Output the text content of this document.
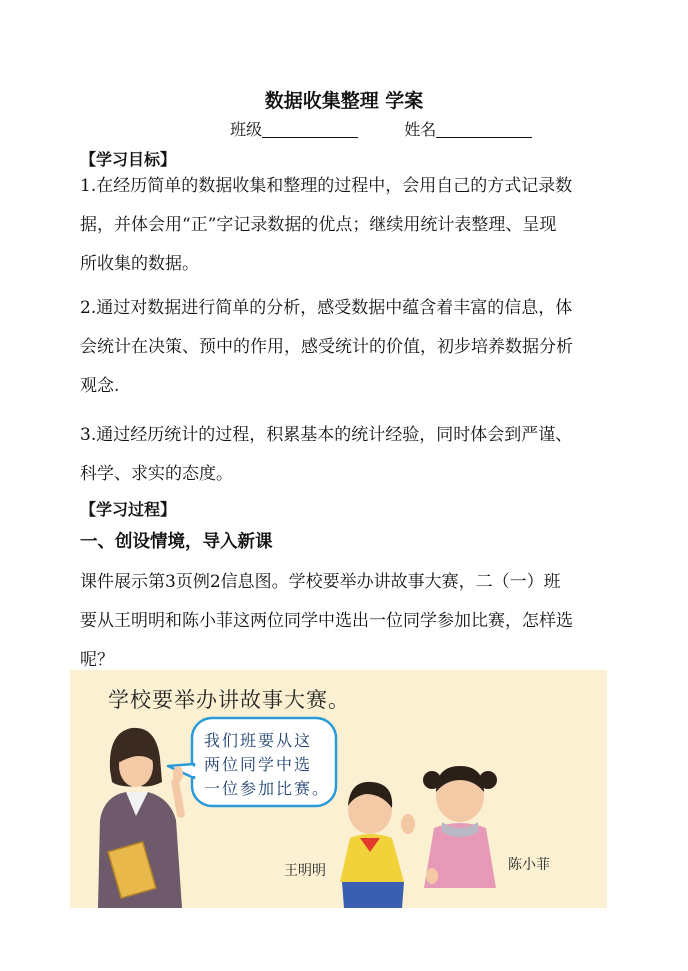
数据收集整理 学案
班级	姓名
【学习目标】
1.在经历简单的数据收集和整理的过程中，会用自己的方式记录数
据，并体会用“正”字记录数据的优点；继续用统计表整理、呈现
所收集的数据。
2.通过对数据进行简单的分析，感受数据中蕴含着丰富的信息，体
会统计在决策、预中的作用，感受统计的价值，初步培养数据分析
观念.
3.通过经历统计的过程，积累基本的统计经验，同时体会到严谨、
科学、求实的态度。
【学习过程】
一、创设情境，导入新课
课件展示第3页例2信息图。学校要举办讲故事大赛，二（一）班
要从王明明和陈小菲这两位同学中选出一位同学参加比赛，怎样选
呢？
学校要举办讲故事大赛。
我们班要从这
两位同学中选
一位参加比赛。
王明明	陈小菲
